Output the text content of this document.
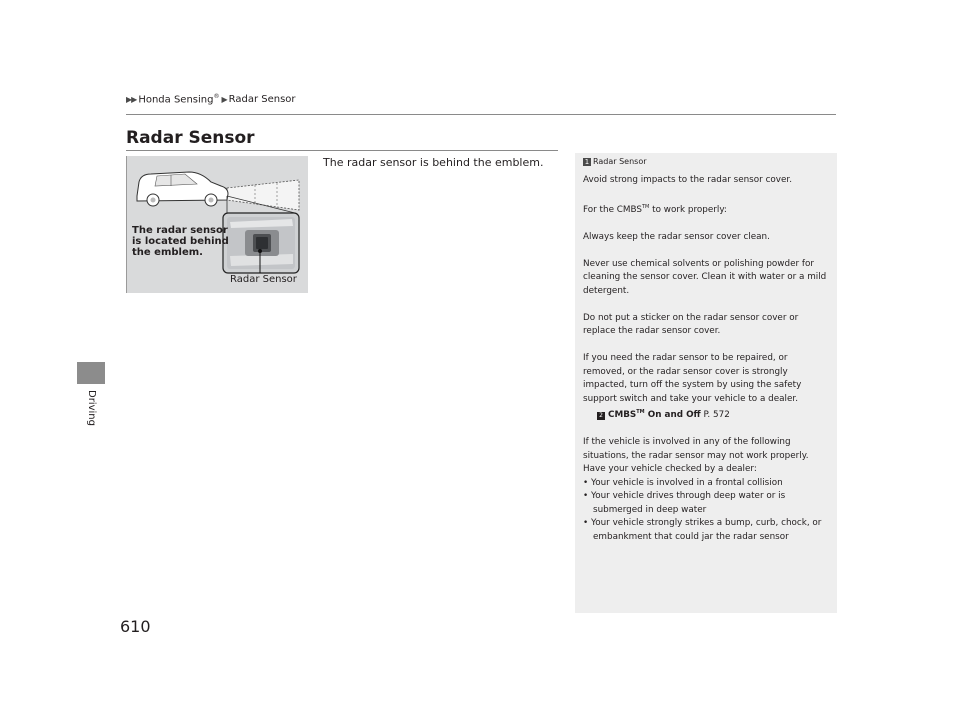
▶▶ Honda Sensing® ▶ Radar Sensor
Radar Sensor
Driving
610
The radar sensor
is located behind
the emblem.
Radar Sensor
The radar sensor is behind the emblem.	1 Radar Sensor

Avoid strong impacts to the radar sensor cover.

For the CMBS™ to work properly:

Always keep the radar sensor cover clean.

Never use chemical solvents or polishing powder for cleaning the sensor cover. Clean it with water or a mild detergent.

Do not put a sticker on the radar sensor cover or replace the radar sensor cover.

If you need the radar sensor to be repaired, or removed, or the radar sensor cover is strongly impacted, turn off the system by using the safety support switch and take your vehicle to a dealer.

2 CMBS™ On and Off P. 572

If the vehicle is involved in any of the following situations, the radar sensor may not work properly. Have your vehicle checked by a dealer:

• Your vehicle is involved in a frontal collision
• Your vehicle drives through deep water or is submerged in deep water
• Your vehicle strongly strikes a bump, curb, chock, or embankment that could jar the radar sensor
